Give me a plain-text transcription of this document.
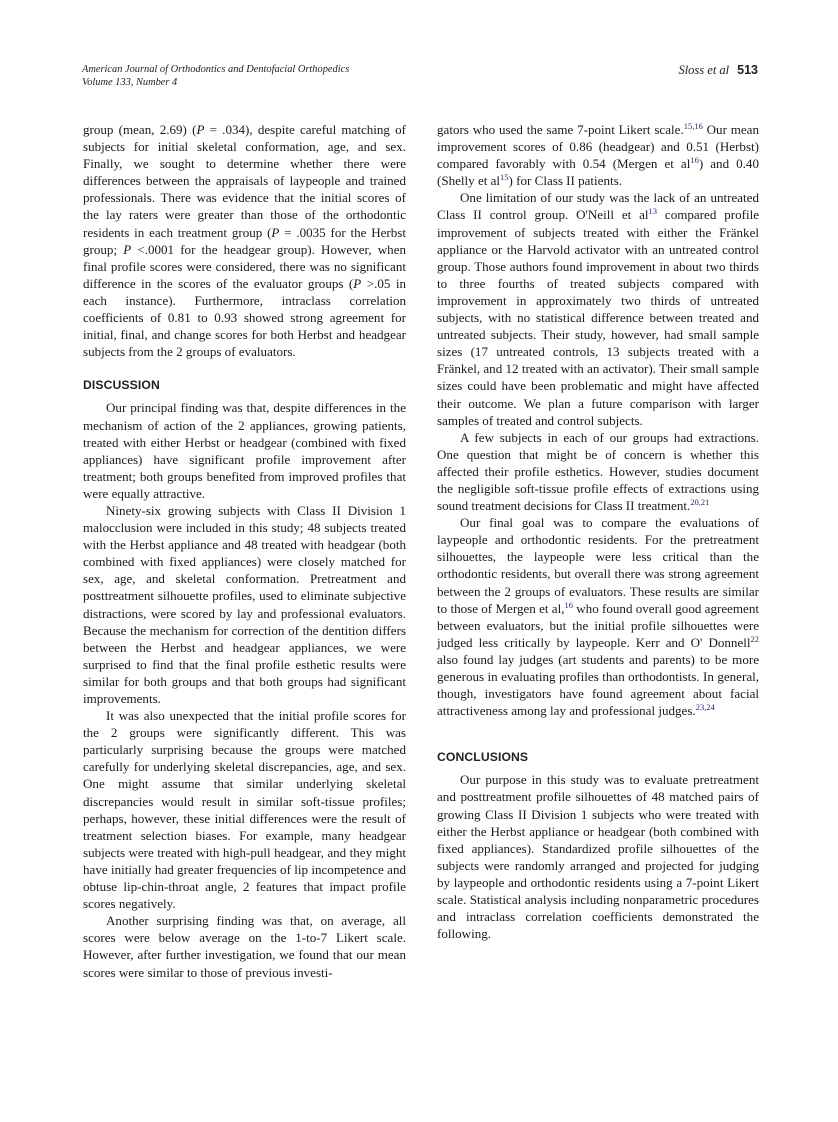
American Journal of Orthodontics and Dentofacial Orthopedics
Volume 133, Number 4
Sloss et al 513

group (mean, 2.69) (P = .034), despite careful matching of subjects for initial skeletal conformation, age, and sex. Finally, we sought to determine whether there were differences between the appraisals of laypeople and trained professionals. There was evidence that the initial scores of the lay raters were greater than those of the orthodontic residents in each treatment group (P = .0035 for the Herbst group; P <.0001 for the headgear group). However, when final profile scores were considered, there was no significant difference in the scores of the evaluator groups (P >.05 in each instance). Furthermore, intraclass correlation coefficients of 0.81 to 0.93 showed strong agreement for initial, final, and change scores for both Herbst and headgear subjects from the 2 groups of evaluators.

DISCUSSION

Our principal finding was that, despite differences in the mechanism of action of the 2 appliances, growing patients, treated with either Herbst or headgear (combined with fixed appliances) have significant profile improvement after treatment; both groups benefited from improved profiles that were equally attractive.

Ninety-six growing subjects with Class II Division 1 malocclusion were included in this study; 48 subjects treated with the Herbst appliance and 48 treated with headgear (both combined with fixed appliances) were closely matched for sex, age, and skeletal conformation. Pretreatment and posttreatment silhouette profiles, used to eliminate subjective distractions, were scored by lay and professional evaluators. Because the mechanism for correction of the dentition differs between the Herbst and headgear appliances, we were surprised to find that the final profile esthetic results were similar for both groups and that both groups had significant improvements.

It was also unexpected that the initial profile scores for the 2 groups were significantly different. This was particularly surprising because the groups were matched carefully for underlying skeletal discrepancies, age, and sex. One might assume that similar underlying skeletal discrepancies would result in similar soft-tissue profiles; perhaps, however, these initial differences were the result of treatment selection biases. For example, many headgear subjects were treated with high-pull headgear, and they might have initially had greater frequencies of lip incompetence and obtuse lip-chin-throat angle, 2 features that impact profile scores negatively.

Another surprising finding was that, on average, all scores were below average on the 1-to-7 Likert scale. However, after further investigation, we found that our mean scores were similar to those of previous investi-

gators who used the same 7-point Likert scale.$^{15,16}$ Our mean improvement scores of 0.86 (headgear) and 0.51 (Herbst) compared favorably with 0.54 (Mergen et al$^{16}$) and 0.40 (Shelly et al$^{15}$) for Class II patients.

One limitation of our study was the lack of an untreated Class II control group. O'Neill et al$^{13}$ compared profile improvement of subjects treated with either the Fränkel appliance or the Harvold activator with an untreated control group. Those authors found improvement in about two thirds to three fourths of treated subjects compared with improvement in approximately two thirds of untreated subjects, with no statistical difference between treated and untreated subjects. Their study, however, had small sample sizes (17 untreated controls, 13 subjects treated with a Fränkel, and 12 treated with an activator). Their small sample sizes could have been problematic and might have affected their outcome. We plan a future comparison with larger samples of treated and control subjects.

A few subjects in each of our groups had extractions. One question that might be of concern is whether this affected their profile esthetics. However, studies document the negligible soft-tissue profile effects of extractions using sound treatment decisions for Class II treatment.$^{20,21}$

Our final goal was to compare the evaluations of laypeople and orthodontic residents. For the pretreatment silhouettes, the laypeople were less critical than the orthodontic residents, but overall there was strong agreement between the 2 groups of evaluators. These results are similar to those of Mergen et al,$^{16}$ who found overall good agreement between evaluators, but the initial profile silhouettes were judged less critically by laypeople. Kerr and O' Donnell$^{22}$ also found lay judges (art students and parents) to be more generous in evaluating profiles than orthodontists. In general, though, investigators have found agreement about facial attractiveness among lay and professional judges.$^{23,24}$

CONCLUSIONS

Our purpose in this study was to evaluate pretreatment and posttreatment profile silhouettes of 48 matched pairs of growing Class II Division 1 subjects who were treated with either the Herbst appliance or headgear (both combined with fixed appliances). Standardized profile silhouettes of the subjects were randomly arranged and projected for judging by laypeople and orthodontic residents using a 7-point Likert scale. Statistical analysis including nonparametric procedures and intraclass correlation coefficients demonstrated the following.
